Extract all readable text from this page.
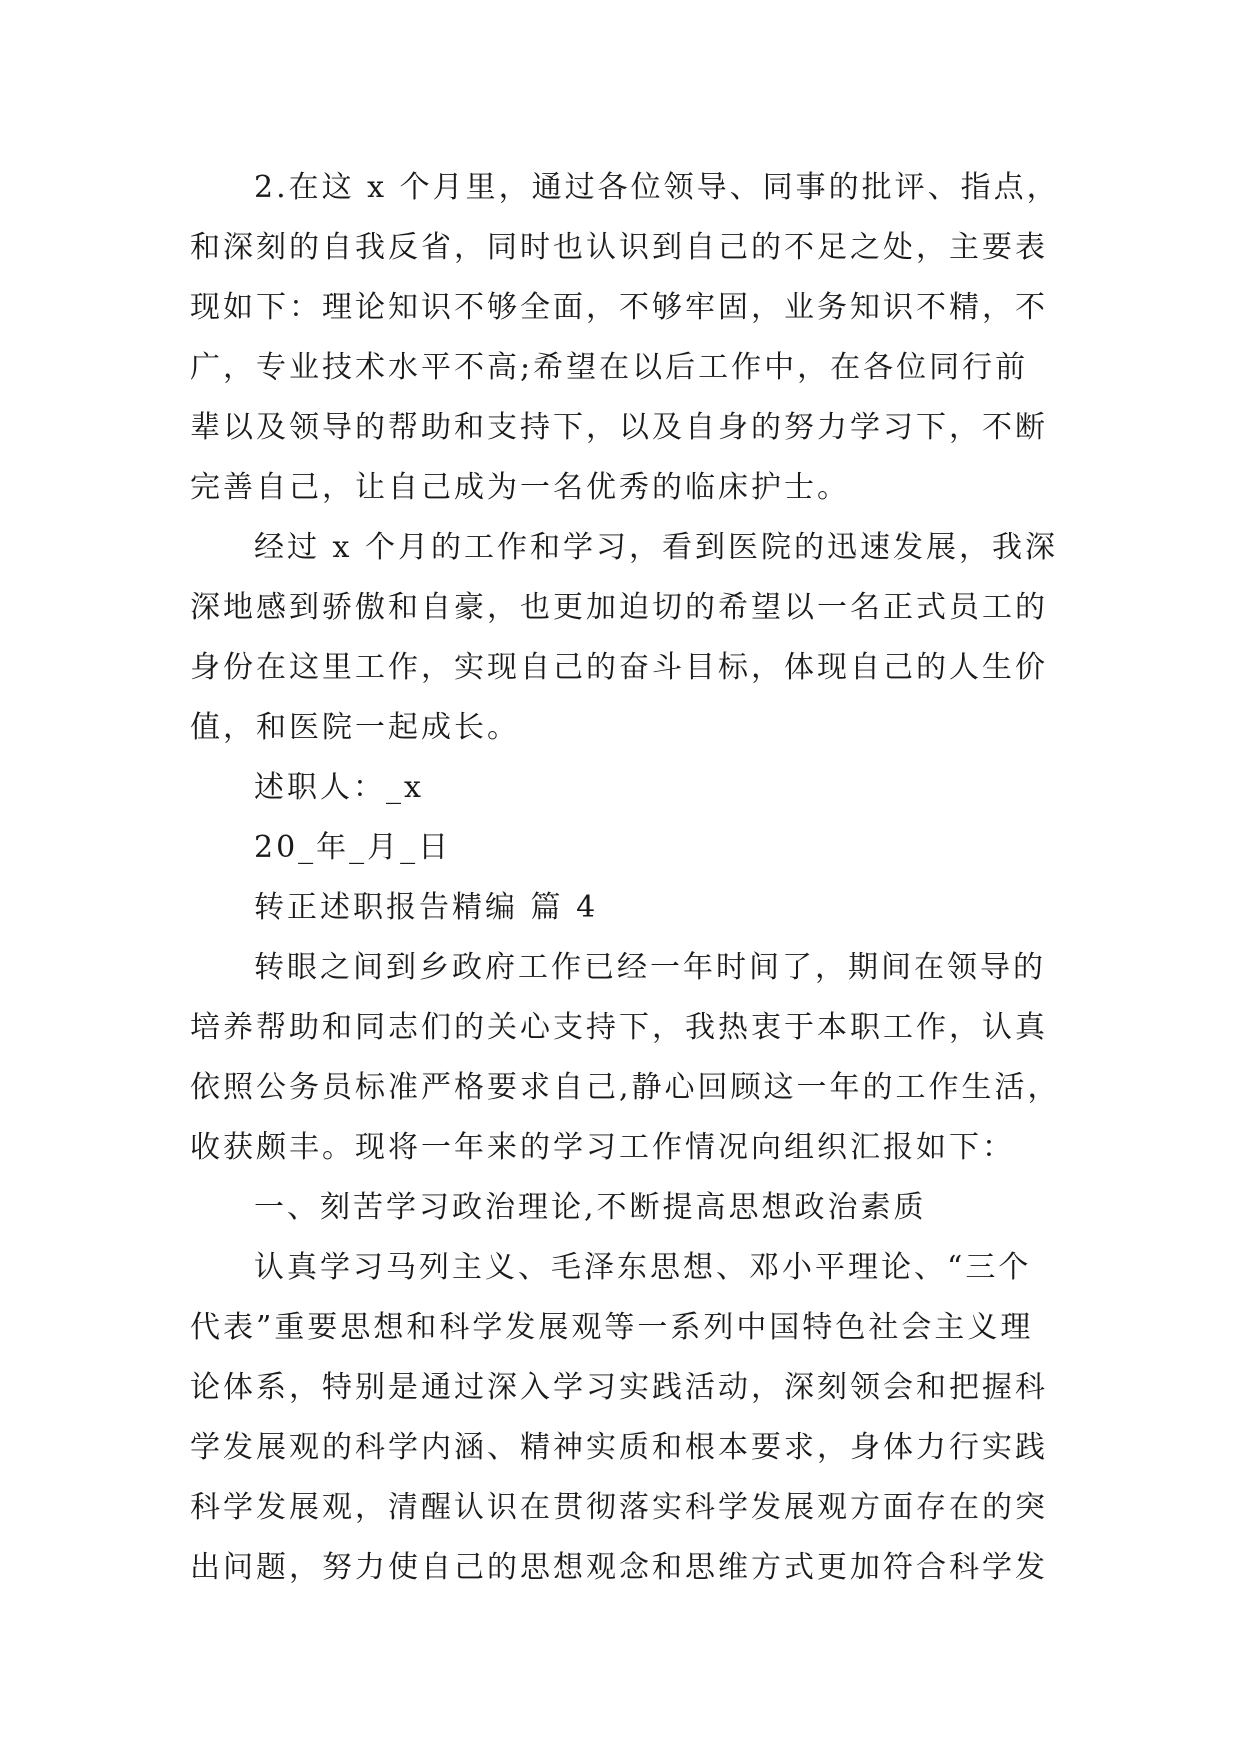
2.在这 x 个月里，通过各位领导、同事的批评、指点，
和深刻的自我反省，同时也认识到自己的不足之处，主要表
现如下：理论知识不够全面，不够牢固，业务知识不精，不
广，专业技术水平不高;希望在以后工作中，在各位同行前
辈以及领导的帮助和支持下，以及自身的努力学习下，不断
完善自己，让自己成为一名优秀的临床护士。
经过 x 个月的工作和学习，看到医院的迅速发展，我深
深地感到骄傲和自豪，也更加迫切的希望以一名正式员工的
身份在这里工作，实现自己的奋斗目标，体现自己的人生价
值，和医院一起成长。
述职人：_x
20_年_月_日
转正述职报告精编 篇 4
转眼之间到乡政府工作已经一年时间了，期间在领导的
培养帮助和同志们的关心支持下，我热衷于本职工作，认真
依照公务员标准严格要求自己,静心回顾这一年的工作生活，
收获颇丰。现将一年来的学习工作情况向组织汇报如下：
一、刻苦学习政治理论,不断提高思想政治素质
认真学习马列主义、毛泽东思想、邓小平理论、“三个
代表”重要思想和科学发展观等一系列中国特色社会主义理
论体系，特别是通过深入学习实践活动，深刻领会和把握科
学发展观的科学内涵、精神实质和根本要求，身体力行实践
科学发展观，清醒认识在贯彻落实科学发展观方面存在的突
出问题，努力使自己的思想观念和思维方式更加符合科学发
